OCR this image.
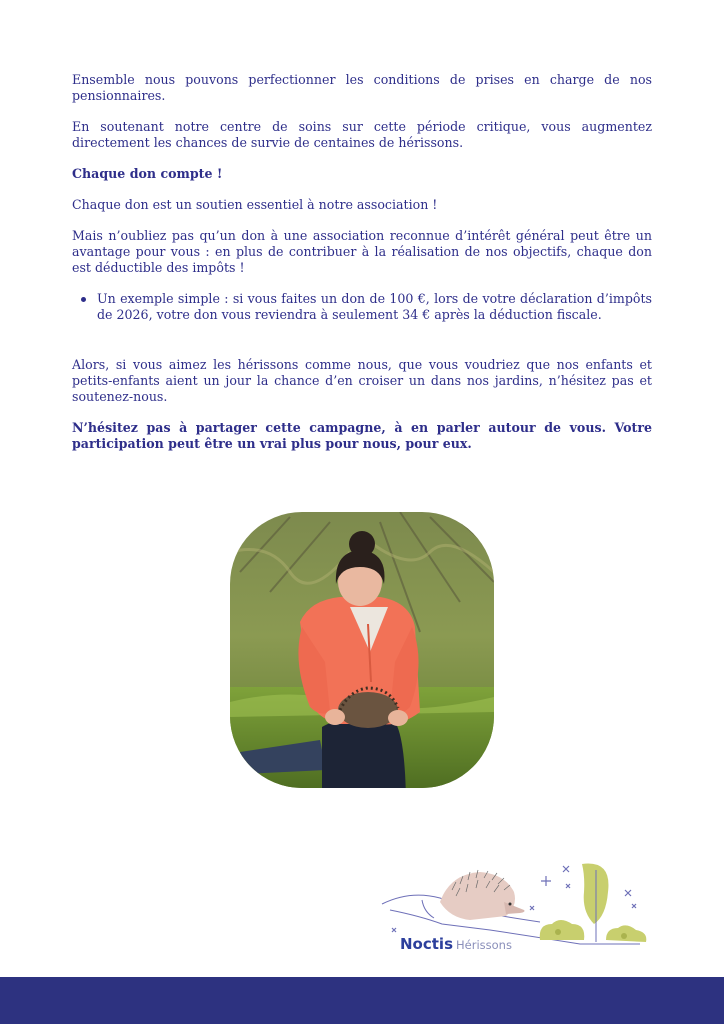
Ensemble nous pouvons perfectionner les conditions de prises en charge de nos pensionnaires.

En soutenant notre centre de soins sur cette période critique, vous augmentez directement les chances de survie de centaines de hérissons.

Chaque don compte !

Chaque don est un soutien essentiel à notre association !

Mais n’oubliez pas qu’un don à une association reconnue d’intérêt général peut être un avantage pour vous : en plus de contribuer à la réalisation de nos objectifs, chaque don est déductible des impôts !

Un exemple simple : si vous faites un don de 100 €, lors de votre déclaration d’impôts de 2026, votre don vous reviendra à seulement 34 € après la déduction fiscale.

Alors, si vous aimez les hérissons comme nous, que vous voudriez que nos enfants et petits-enfants aient un jour la chance d’en croiser un dans nos jardins, n’hésitez pas et soutenez-nous.

N’hésitez pas à partager cette campagne, à en parler autour de vous. Votre participation peut être un vrai plus pour nous, pour eux.

Noctis Hérissons
